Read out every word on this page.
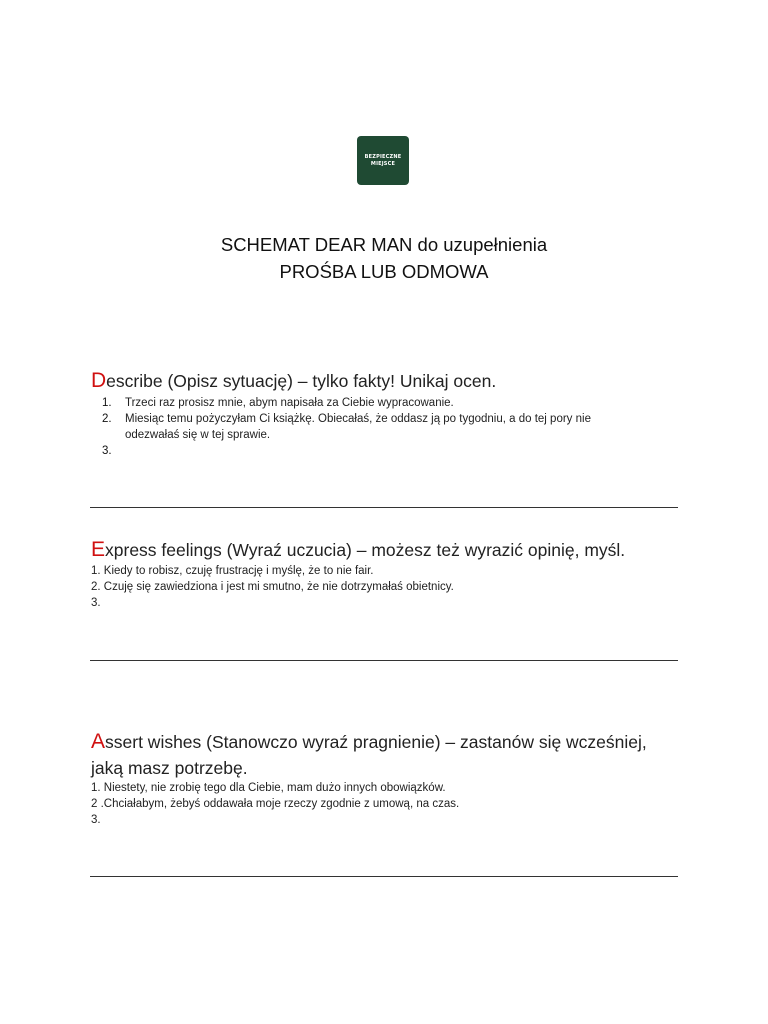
BEZPIECZNE
MIEJSCE
SCHEMAT DEAR MAN do uzupełnienia
PROŚBA LUB ODMOWA
Describe (Opisz sytuację) – tylko fakty! Unikaj ocen.
1. Trzeci raz prosisz mnie, abym napisała za Ciebie wypracowanie.
2. Miesiąc temu pożyczyłam Ci książkę. Obiecałaś, że oddasz ją po tygodniu, a do tej pory nie
odezwałaś się w tej sprawie.
3.
Express feelings (Wyraź uczucia) – możesz też wyrazić opinię, myśl.
1. Kiedy to robisz, czuję frustrację i myślę, że to nie fair.
2. Czuję się zawiedziona i jest mi smutno, że nie dotrzymałaś obietnicy.
3.
Assert wishes (Stanowczo wyraź pragnienie) – zastanów się wcześniej,
jaką masz potrzebę.
1. Niestety, nie zrobię tego dla Ciebie, mam dużo innych obowiązków.
2 .Chciałabym, żebyś oddawała moje rzeczy zgodnie z umową, na czas.
3.
